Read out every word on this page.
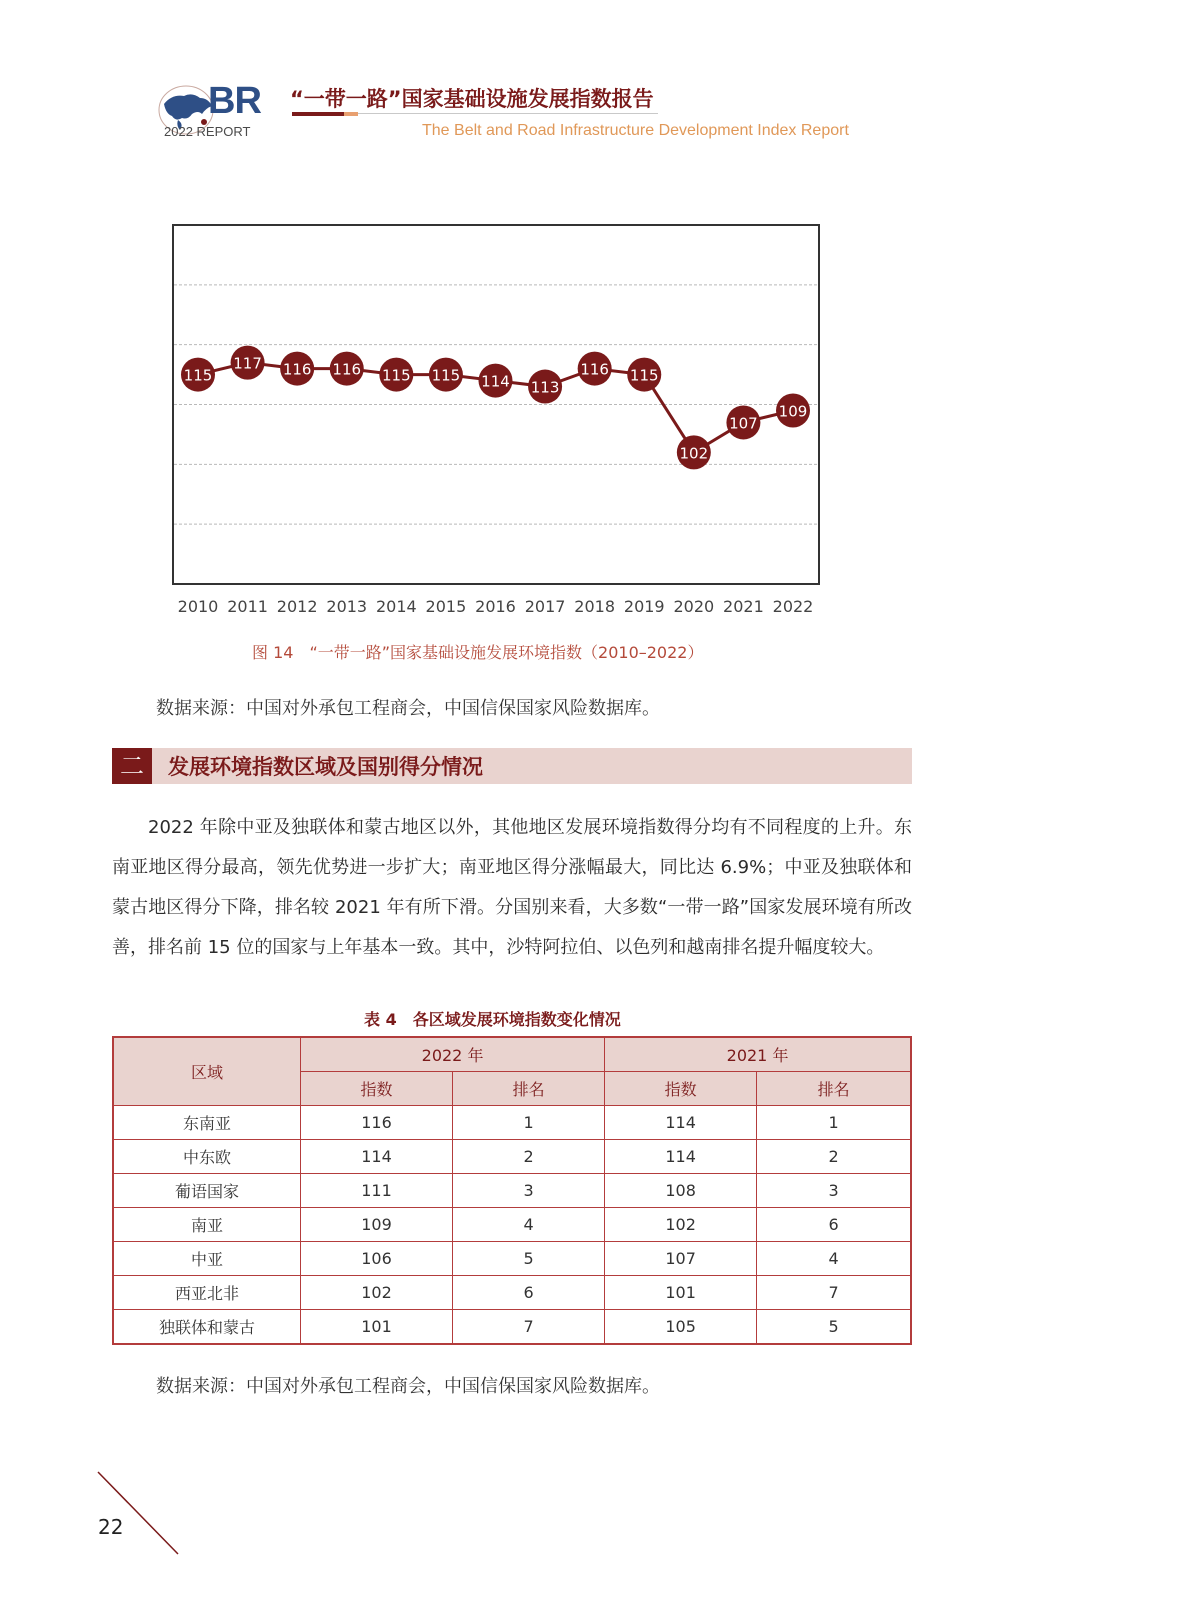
BR
2022 REPORT
“一带一路”国家基础设施发展指数报告
The Belt and Road Infrastructure Development Index Report
115
117 116 116 115 115 114 113
116 115
102
107
109
2010 2011 2012 2013 2014 2015 2016 2017 2018 2019 2020 2021 2022
图 14　“一带一路”国家基础设施发展环境指数（2010–2022）
数据来源：中国对外承包工程商会，中国信保国家风险数据库。
二	发展环境指数区域及国别得分情况
2022 年除中亚及独联体和蒙古地区以外，其他地区发展环境指数得分均有不同程度的上升。东南亚地区得分最高，领先优势进一步扩大；南亚地区得分涨幅最大，同比达 6.9%；中亚及独联体和蒙古地区得分下降，排名较 2021 年有所下滑。分国别来看，大多数“一带一路”国家发展环境有所改善，排名前 15 位的国家与上年基本一致。其中，沙特阿拉伯、以色列和越南排名提升幅度较大。
表 4　各区域发展环境指数变化情况
区域	2022 年		2021 年	
	指数	排名	指数	排名
东南亚	116	1	114	1
中东欧	114	2	114	2
葡语国家	111	3	108	3
南亚	109	4	102	6
中亚	106	5	107	4
西亚北非	102	6	101	7
独联体和蒙古	101	7	105	5
数据来源：中国对外承包工程商会，中国信保国家风险数据库。
22
